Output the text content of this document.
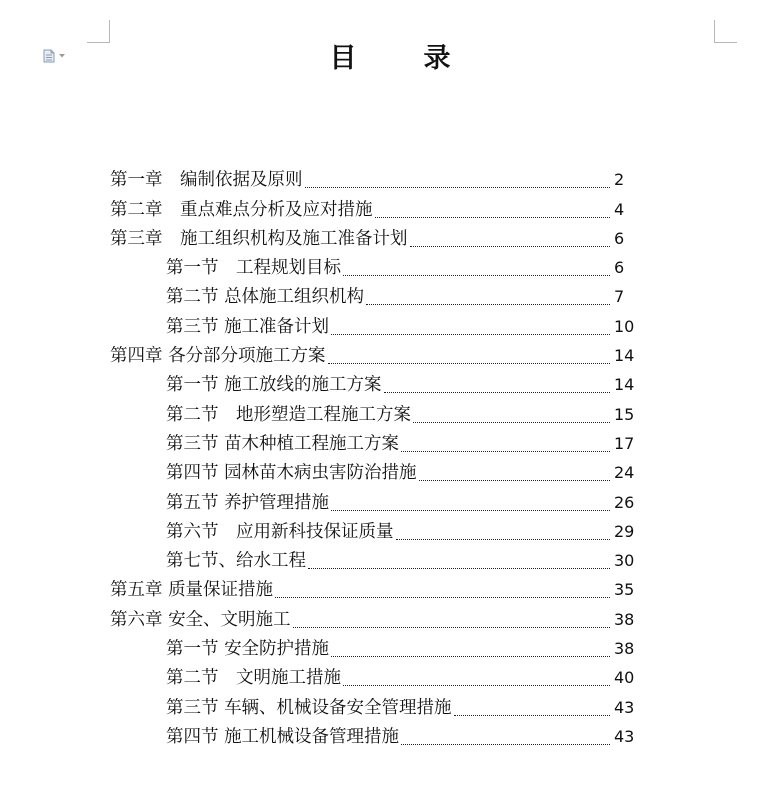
目　录
第一章　编制依据及原则	2
第二章　重点难点分析及应对措施	4
第三章　施工组织机构及施工准备计划	6
第一节　工程规划目标	6
第二节 总体施工组织机构	7
第三节 施工准备计划	10
第四章 各分部分项施工方案	14
第一节 施工放线的施工方案	14
第二节　地形塑造工程施工方案	15
第三节 苗木种植工程施工方案	17
第四节 园林苗木病虫害防治措施	24
第五节 养护管理措施	26
第六节　应用新科技保证质量	29
第七节、给水工程	30
第五章 质量保证措施	35
第六章 安全、文明施工	38
第一节 安全防护措施	38
第二节　文明施工措施	40
第三节 车辆、机械设备安全管理措施	43
第四节 施工机械设备管理措施	43
